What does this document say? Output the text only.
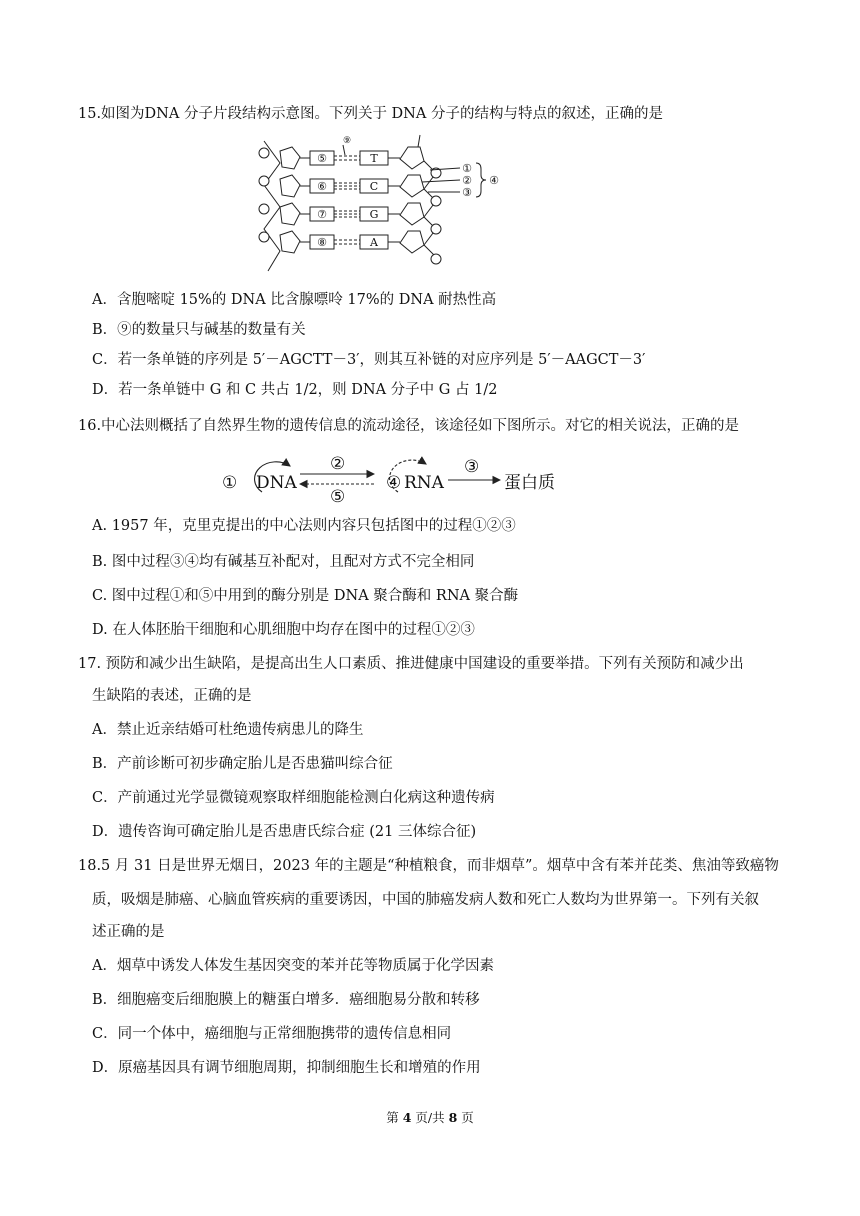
15.如图为DNA 分子片段结构示意图。下列关于 DNA 分子的结构与特点的叙述，正确的是
⑤
⑥
⑦
⑧
T
C
G
A
⑨
①
②
③
④
A．含胞嘧啶 15%的 DNA 比含腺嘌呤 17%的 DNA 耐热性高
B．⑨的数量只与碱基的数量有关
C．若一条单链的序列是 5′－AGCTT－3′，则其互补链的对应序列是 5′－AAGCT－3′
D．若一条单链中 G 和 C 共占 1/2，则 DNA 分子中 G 占 1/2
16.中心法则概括了自然界生物的遗传信息的流动途径，该途径如下图所示。对它的相关说法，正确的是
① DNA
②
⑤
④ RNA
③
蛋白质
A. 1957 年，克里克提出的中心法则内容只包括图中的过程①②③
B. 图中过程③④均有碱基互补配对，且配对方式不完全相同
C. 图中过程①和⑤中用到的酶分别是 DNA 聚合酶和 RNA 聚合酶
D. 在人体胚胎干细胞和心肌细胞中均存在图中的过程①②③
17. 预防和减少出生缺陷，是提高出生人口素质、推进健康中国建设的重要举措。下列有关预防和减少出
生缺陷的表述，正确的是
A．禁止近亲结婚可杜绝遗传病患儿的降生
B．产前诊断可初步确定胎儿是否患猫叫综合征
C．产前通过光学显微镜观察取样细胞能检测白化病这种遗传病
D．遗传咨询可确定胎儿是否患唐氏综合症 (21 三体综合征)
18.5 月 31 日是世界无烟日，2023 年的主题是“种植粮食，而非烟草”。烟草中含有苯并芘类、焦油等致癌物
质，吸烟是肺癌、心脑血管疾病的重要诱因，中国的肺癌发病人数和死亡人数均为世界第一。下列有关叙
述正确的是
A．烟草中诱发人体发生基因突变的苯并芘等物质属于化学因素
B．细胞癌变后细胞膜上的糖蛋白增多．癌细胞易分散和转移
C．同一个体中，癌细胞与正常细胞携带的遗传信息相同
D．原癌基因具有调节细胞周期，抑制细胞生长和增殖的作用
第 4 页/共 8 页
